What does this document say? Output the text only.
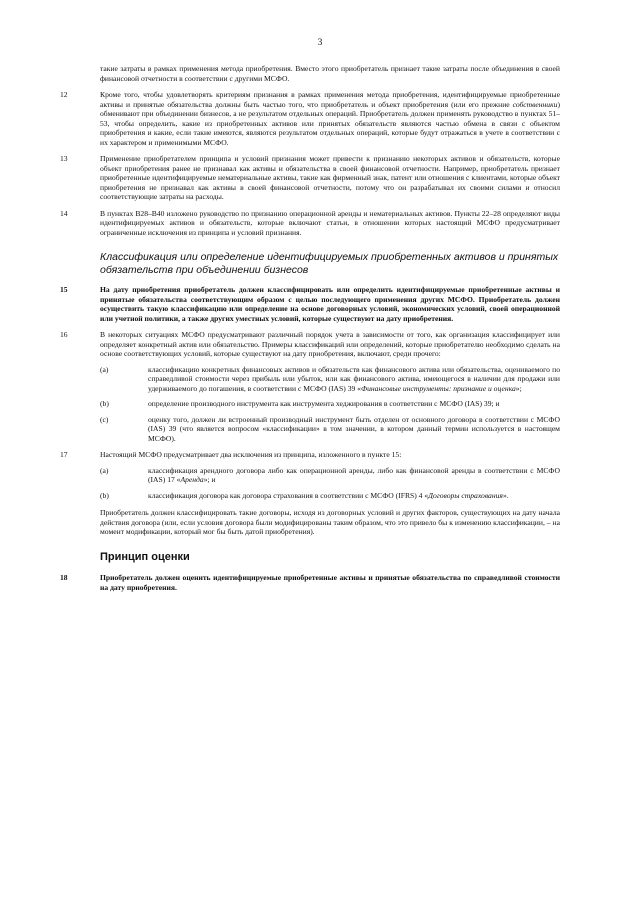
3

такие затраты в рамках применения метода приобретения. Вместо этого приобретатель признает такие затраты после объединения в своей финансовой отчетности в соответствии с другими МСФО.

12	Кроме того, чтобы удовлетворять критериям признания в рамках применения метода приобретения, идентифицируемые приобретенные активы и принятые обязательства должны быть частью того, что приобретатель и объект приобретения (или его прежние собственники) обменивают при объединении бизнесов, а не результатом отдельных операций. Приобретатель должен применять руководство в пунктах 51–53, чтобы определить, какие из приобретенных активов или принятых обязательств являются частью обмена в связи с объектом приобретения и какие, если такие имеются, являются результатом отдельных операций, которые будут отражаться в учете в соответствии с их характером и применимыми МСФО.

13	Применение приобретателем принципа и условий признания может привести к признанию некоторых активов и обязательств, которые объект приобретения ранее не признавал как активы и обязательства в своей финансовой отчетности. Например, приобретатель признает приобретенные идентифицируемые нематериальные активы, такие как фирменный знак, патент или отношения с клиентами, которые объект приобретения не признавал как активы в своей финансовой отчетности, потому что он разрабатывал их своими силами и относил соответствующие затраты на расходы.

14	В пунктах B28–B40 изложено руководство по признанию операционной аренды и нематериальных активов. Пункты 22–28 определяют виды идентифицируемых активов и обязательств, которые включают статьи, в отношении которых настоящий МСФО предусматривает ограниченные исключения из принципа и условий признания.

Классификация или определение идентифицируемых приобретенных активов и принятых обязательств при объединении бизнесов

15	На дату приобретения приобретатель должен классифицировать или определить идентифицируемые приобретенные активы и принятые обязательства соответствующим образом с целью последующего применения других МСФО. Приобретатель должен осуществить такую классификацию или определение на основе договорных условий, экономических условий, своей операционной или учетной политики, а также других уместных условий, которые существуют на дату приобретения.

16	В некоторых ситуациях МСФО предусматривают различный порядок учета в зависимости от того, как организация классифицирует или определяет конкретный актив или обязательство. Примеры классификаций или определений, которые приобретателю необходимо сделать на основе соответствующих условий, которые существуют на дату приобретения, включают, среди прочего:
(a)	классификацию конкретных финансовых активов и обязательств как финансового актива или обязательства, оцениваемого по справедливой стоимости через прибыль или убыток, или как финансового актива, имеющегося в наличии для продажи или удерживаемого до погашения, в соответствии с МСФО (IAS) 39 «Финансовые инструменты: признание и оценка»;
(b)	определение производного инструмента как инструмента хеджирования в соответствии с МСФО (IAS) 39; и
(c)	оценку того, должен ли встроенный производный инструмент быть отделен от основного договора в соответствии с МСФО (IAS) 39 (что является вопросом «классификации» в том значении, в котором данный термин используется в настоящем МСФО).
17	Настоящий МСФО предусматривает два исключения из принципа, изложенного в пункте 15:
(a)	классификация арендного договора либо как операционной аренды, либо как финансовой аренды в соответствии с МСФО (IAS) 17 «Аренда»; и
(b)	классификация договора как договора страхования в соответствии с МСФО (IFRS) 4 «Договоры страхования».
Приобретатель должен классифицировать такие договоры, исходя из договорных условий и других факторов, существующих на дату начала действия договора (или, если условия договора были модифицированы таким образом, что это привело бы к изменению классификации, – на момент модификации, который мог бы быть датой приобретения).
Принцип оценки

18	Приобретатель должен оценить идентифицируемые приобретенные активы и принятые обязательства по справедливой стоимости на дату приобретения.
